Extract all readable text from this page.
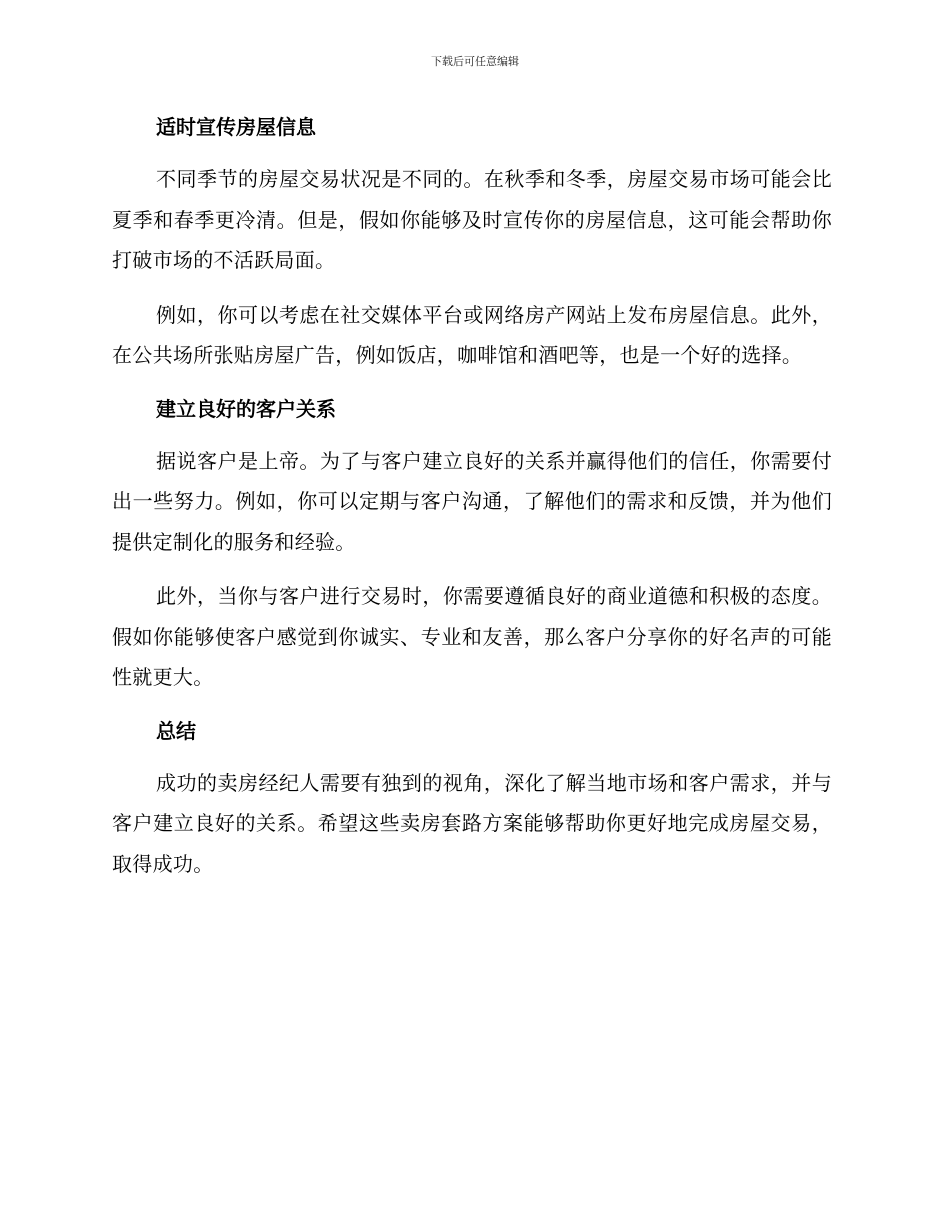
下载后可任意编辑
适时宣传房屋信息

不同季节的房屋交易状况是不同的。在秋季和冬季，房屋交易市场可能会比夏季和春季更冷清。但是，假如你能够及时宣传你的房屋信息，这可能会帮助你打破市场的不活跃局面。

例如，你可以考虑在社交媒体平台或网络房产网站上发布房屋信息。此外，在公共场所张贴房屋广告，例如饭店，咖啡馆和酒吧等，也是一个好的选择。

建立良好的客户关系

据说客户是上帝。为了与客户建立良好的关系并赢得他们的信任，你需要付出一些努力。例如，你可以定期与客户沟通，了解他们的需求和反馈，并为他们提供定制化的服务和经验。

此外，当你与客户进行交易时，你需要遵循良好的商业道德和积极的态度。假如你能够使客户感觉到你诚实、专业和友善，那么客户分享你的好名声的可能性就更大。

总结

成功的卖房经纪人需要有独到的视角，深化了解当地市场和客户需求，并与客户建立良好的关系。希望这些卖房套路方案能够帮助你更好地完成房屋交易，取得成功。
